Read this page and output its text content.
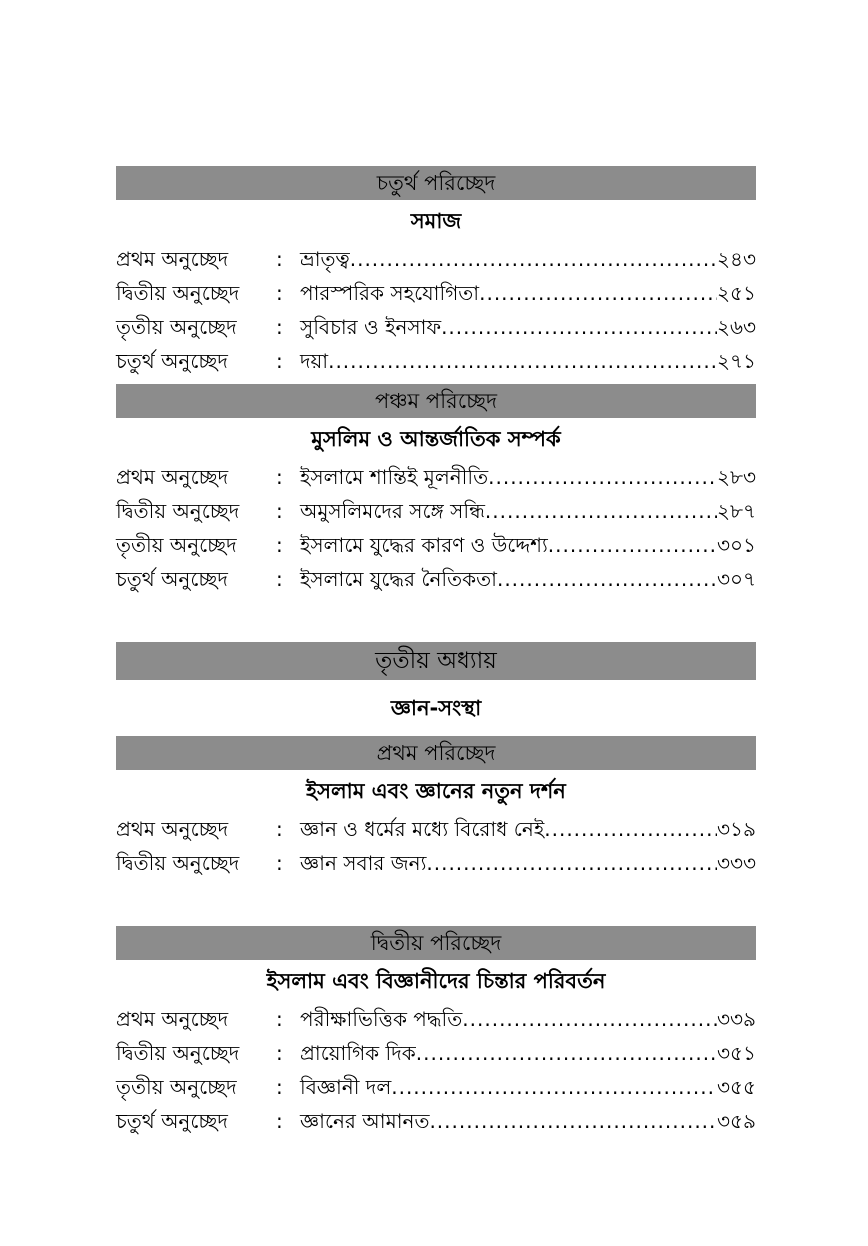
চতুর্থ পরিচ্ছেদ
সমাজ
প্রথম অনুচ্ছেদ	: ভ্রাতৃত্ব .....	২৪৩
দ্বিতীয় অনুচ্ছেদ	: পারস্পরিক সহযোগিতা .....	২৫১
তৃতীয় অনুচ্ছেদ	: সুবিচার ও ইনসাফ .....	২৬৩
চতুর্থ অনুচ্ছেদ	: দয়া .....	২৭১
পঞ্চম পরিচ্ছেদ
মুসলিম ও আন্তর্জাতিক সম্পর্ক
প্রথম অনুচ্ছেদ	: ইসলামে শান্তিই মূলনীতি .....	২৮৩
দ্বিতীয় অনুচ্ছেদ	: অমুসলিমদের সঙ্গে সন্ধি .....	২৮৭
তৃতীয় অনুচ্ছেদ	: ইসলামে যুদ্ধের কারণ ও উদ্দেশ্য .....	৩০১
চতুর্থ অনুচ্ছেদ	: ইসলামে যুদ্ধের নৈতিকতা .....	৩০৭
তৃতীয় অধ্যায়
জ্ঞান-সংস্থা
প্রথম পরিচ্ছেদ
ইসলাম এবং জ্ঞানের নতুন দর্শন
প্রথম অনুচ্ছেদ	: জ্ঞান ও ধর্মের মধ্যে বিরোধ নেই .....	৩১৯
দ্বিতীয় অনুচ্ছেদ	: জ্ঞান সবার জন্য .....	৩৩৩
দ্বিতীয় পরিচ্ছেদ
ইসলাম এবং বিজ্ঞানীদের চিন্তার পরিবর্তন
প্রথম অনুচ্ছেদ	: পরীক্ষাভিত্তিক পদ্ধতি .....	৩৩৯
দ্বিতীয় অনুচ্ছেদ	: প্রায়োগিক দিক .....	৩৫১
তৃতীয় অনুচ্ছেদ	: বিজ্ঞানী দল .....	৩৫৫
চতুর্থ অনুচ্ছেদ	: জ্ঞানের আমানত .....	৩৫৯
